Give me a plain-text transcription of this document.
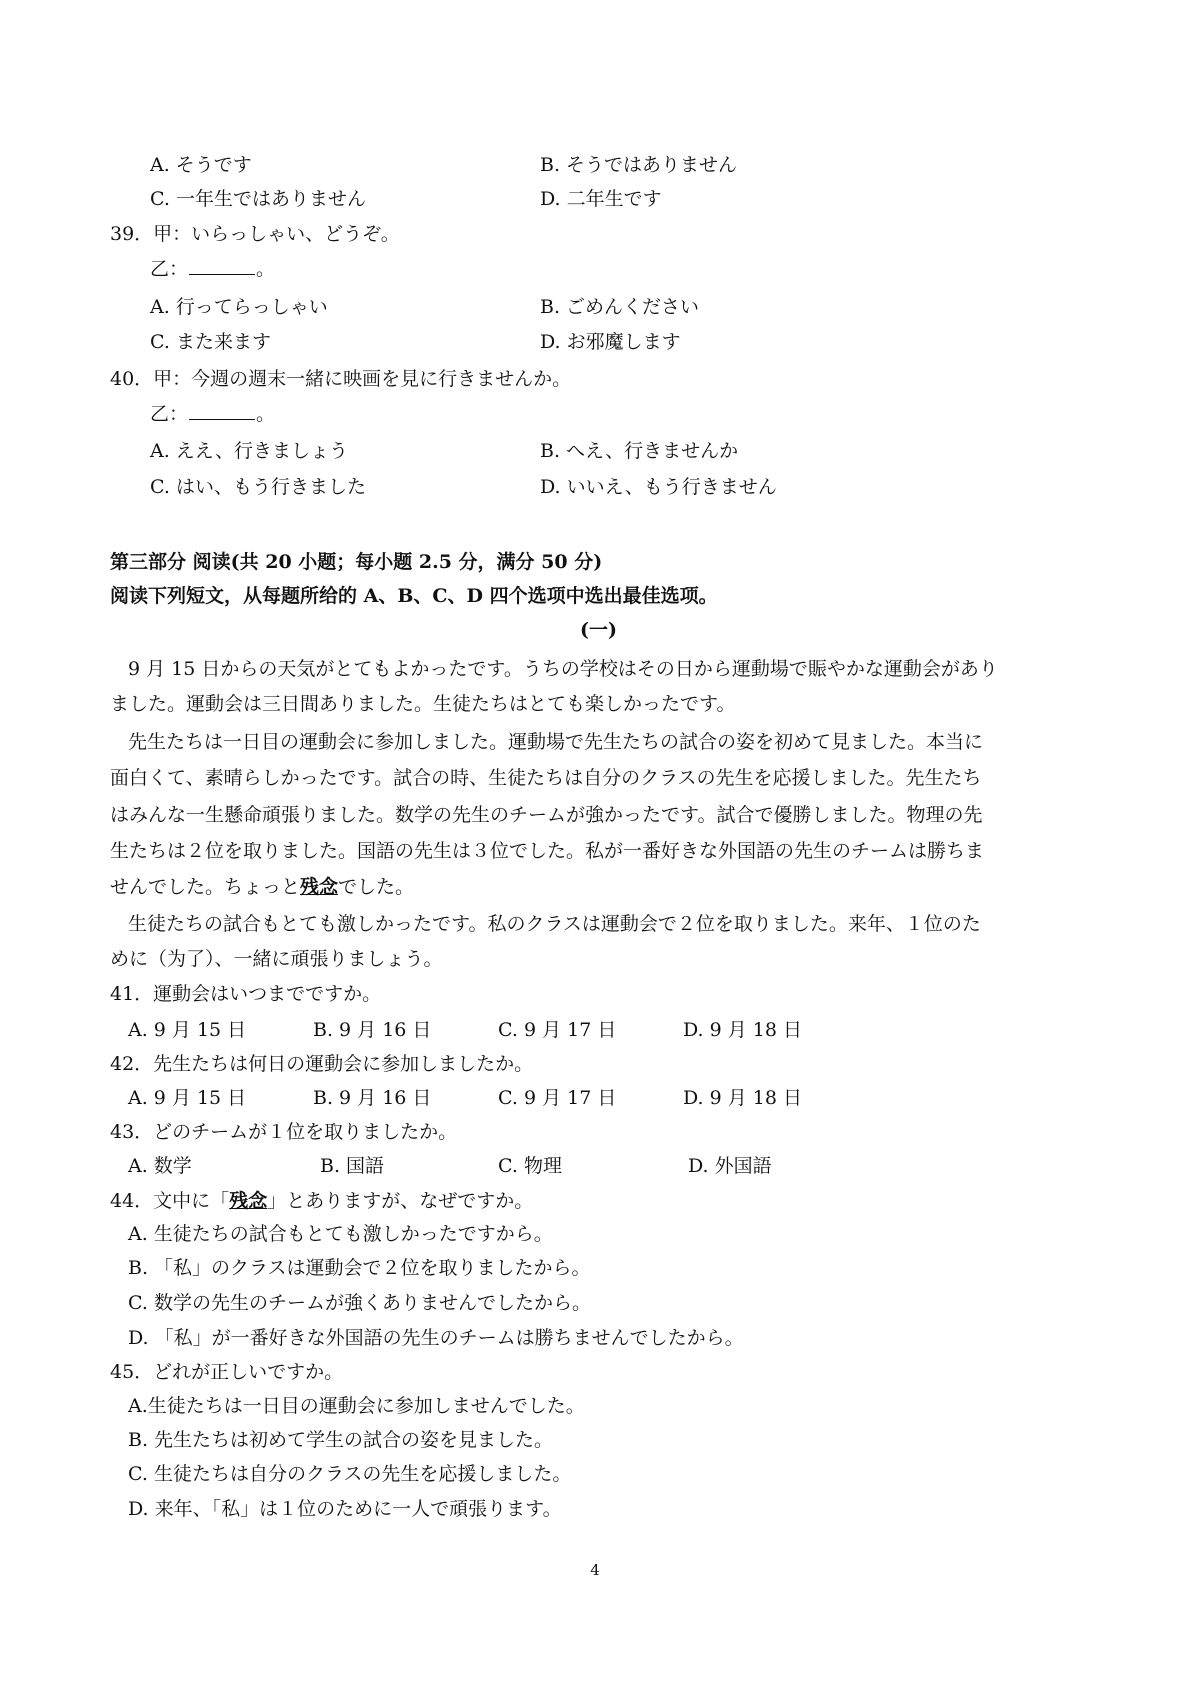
A. そうです	B. そうではありません
C. 一年生ではありません	D. 二年生です
39．甲：いらっしゃい、どうぞ。
乙：	。
A. 行ってらっしゃい	B. ごめんください
C. また来ます	D. お邪魔します
40．甲：今週の週末一緒に映画を見に行きませんか。
乙：	。
A. ええ、行きましょう	B. へえ、行きませんか
C. はい、もう行きました	D. いいえ、もう行きません
第三部分 阅读(共 20 小题；每小题 2.5 分，满分 50 分)
阅读下列短文，从每题所给的 A、B、C、D 四个选项中选出最佳选项。
(一)
9 月 15 日からの天気がとてもよかったです。うちの学校はその日から運動場で賑やかな運動会があり
ました。運動会は三日間ありました。生徒たちはとても楽しかったです。
先生たちは一日目の運動会に参加しました。運動場で先生たちの試合の姿を初めて見ました。本当に
面白くて、素晴らしかったです。試合の時、生徒たちは自分のクラスの先生を応援しました。先生たち
はみんな一生懸命頑張りました。数学の先生のチームが強かったです。試合で優勝しました。物理の先
生たちは２位を取りました。国語の先生は３位でした。私が一番好きな外国語の先生のチームは勝ちま
せんでした。ちょっと残念でした。
生徒たちの試合もとても激しかったです。私のクラスは運動会で２位を取りました。来年、１位のた
めに（为了）、一緒に頑張りましょう。
41．運動会はいつまでですか。
A. 9 月 15 日	B. 9 月 16 日	C. 9 月 17 日	D. 9 月 18 日
42．先生たちは何日の運動会に参加しましたか。
A. 9 月 15 日	B. 9 月 16 日	C. 9 月 17 日	D. 9 月 18 日
43．どのチームが１位を取りましたか。
A. 数学	B. 国語	C. 物理	D. 外国語
44．文中に「残念」とありますが、なぜですか。
A. 生徒たちの試合もとても激しかったですから。
B. 「私」のクラスは運動会で２位を取りましたから。
C. 数学の先生のチームが強くありませんでしたから。
D. 「私」が一番好きな外国語の先生のチームは勝ちませんでしたから。
45．どれが正しいですか。
A.生徒たちは一日目の運動会に参加しませんでした。
B. 先生たちは初めて学生の試合の姿を見ました。
C. 生徒たちは自分のクラスの先生を応援しました。
D. 来年、「私」は１位のために一人で頑張ります。
4
